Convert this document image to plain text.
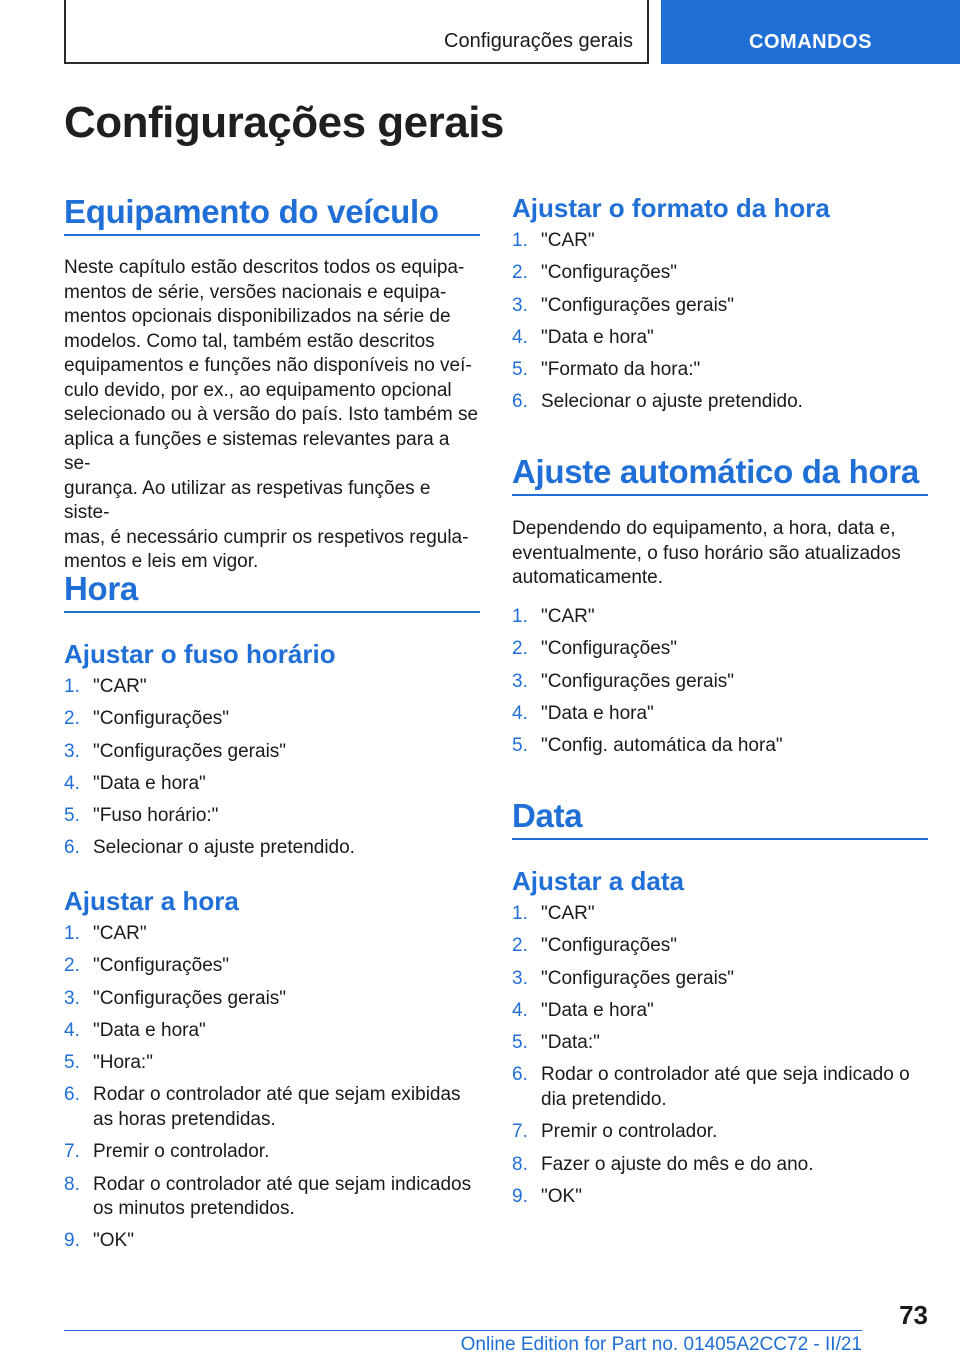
Configurações gerais	COMANDOS
Configurações gerais
Equipamento do veículo

Neste capítulo estão descritos todos os equipa-
mentos de série, versões nacionais e equipa-
mentos opcionais disponibilizados na série de
modelos. Como tal, também estão descritos
equipamentos e funções não disponíveis no veí-
culo devido, por ex., ao equipamento opcional
selecionado ou à versão do país. Isto também se
aplica a funções e sistemas relevantes para a se-
gurança. Ao utilizar as respetivas funções e siste-
mas, é necessário cumprir os respetivos regula-
mentos e leis em vigor.

Hora
Ajustar o fuso horário
1. "CAR"
2. "Configurações"
3. "Configurações gerais"
4. "Data e hora"
5. "Fuso horário:"
6. Selecionar o ajuste pretendido.
Ajustar a hora
1. "CAR"
2. "Configurações"
3. "Configurações gerais"
4. "Data e hora"
5. "Hora:"
6. Rodar o controlador até que sejam exibidas as horas pretendidas.
7. Premir o controlador.
8. Rodar o controlador até que sejam indicados os minutos pretendidos.
9. "OK"
Ajustar o formato da hora
1. "CAR"
2. "Configurações"
3. "Configurações gerais"
4. "Data e hora"
5. "Formato da hora:"
6. Selecionar o ajuste pretendido.
Ajuste automático da hora

Dependendo do equipamento, a hora, data e,
eventualmente, o fuso horário são atualizados
automaticamente.

1. "CAR"
2. "Configurações"
3. "Configurações gerais"
4. "Data e hora"
5. "Config. automática da hora"
Data
Ajustar a data
1. "CAR"
2. "Configurações"
3. "Configurações gerais"
4. "Data e hora"
5. "Data:"
6. Rodar o controlador até que seja indicado o dia pretendido.
7. Premir o controlador.
8. Fazer o ajuste do mês e do ano.
9. "OK"
73
Online Edition for Part no. 01405A2CC72 - II/21
